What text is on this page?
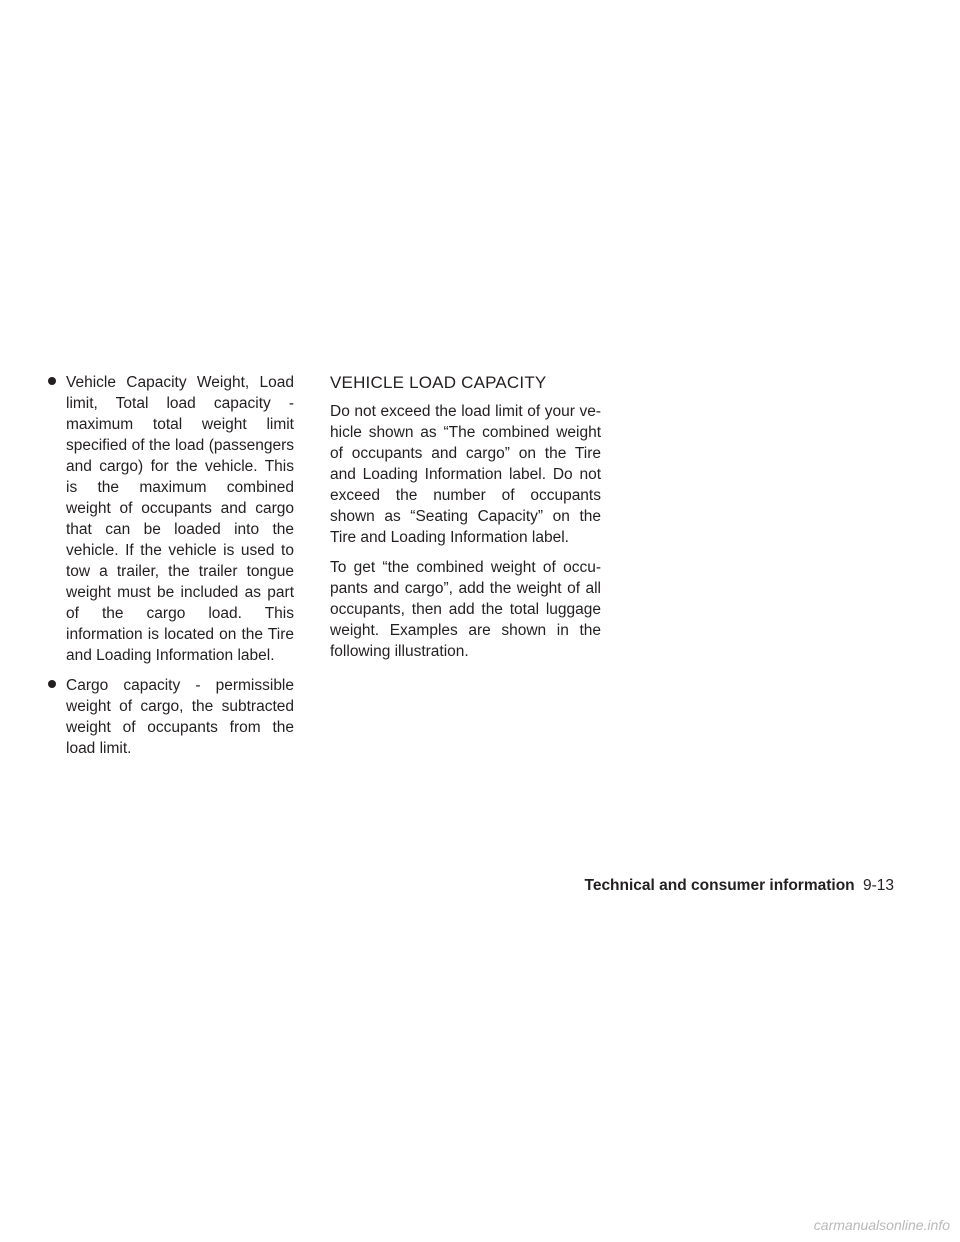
Vehicle Capacity Weight, Load limit, Total load capacity - maximum total weight limit specified of the load (passengers and cargo) for the vehicle. This is the maximum combined weight of occupants and cargo that can be loaded into the vehicle. If the vehicle is used to tow a trailer, the trailer tongue weight must be included as part of the cargo load. This information is located on the Tire and Loading Information label.
Cargo capacity - permissible weight of cargo, the subtracted weight of occupants from the load limit.
VEHICLE LOAD CAPACITY

Do not exceed the load limit of your vehicle shown as “The combined weight of occupants and cargo” on the Tire and Loading Information label. Do not exceed the number of occupants shown as “Seating Capacity” on the Tire and Loading Information label.

To get “the combined weight of occupants and cargo”, add the weight of all occupants, then add the total luggage weight. Examples are shown in the following illustration.

Technical and consumer information 9-13
carmanualsonline.info
